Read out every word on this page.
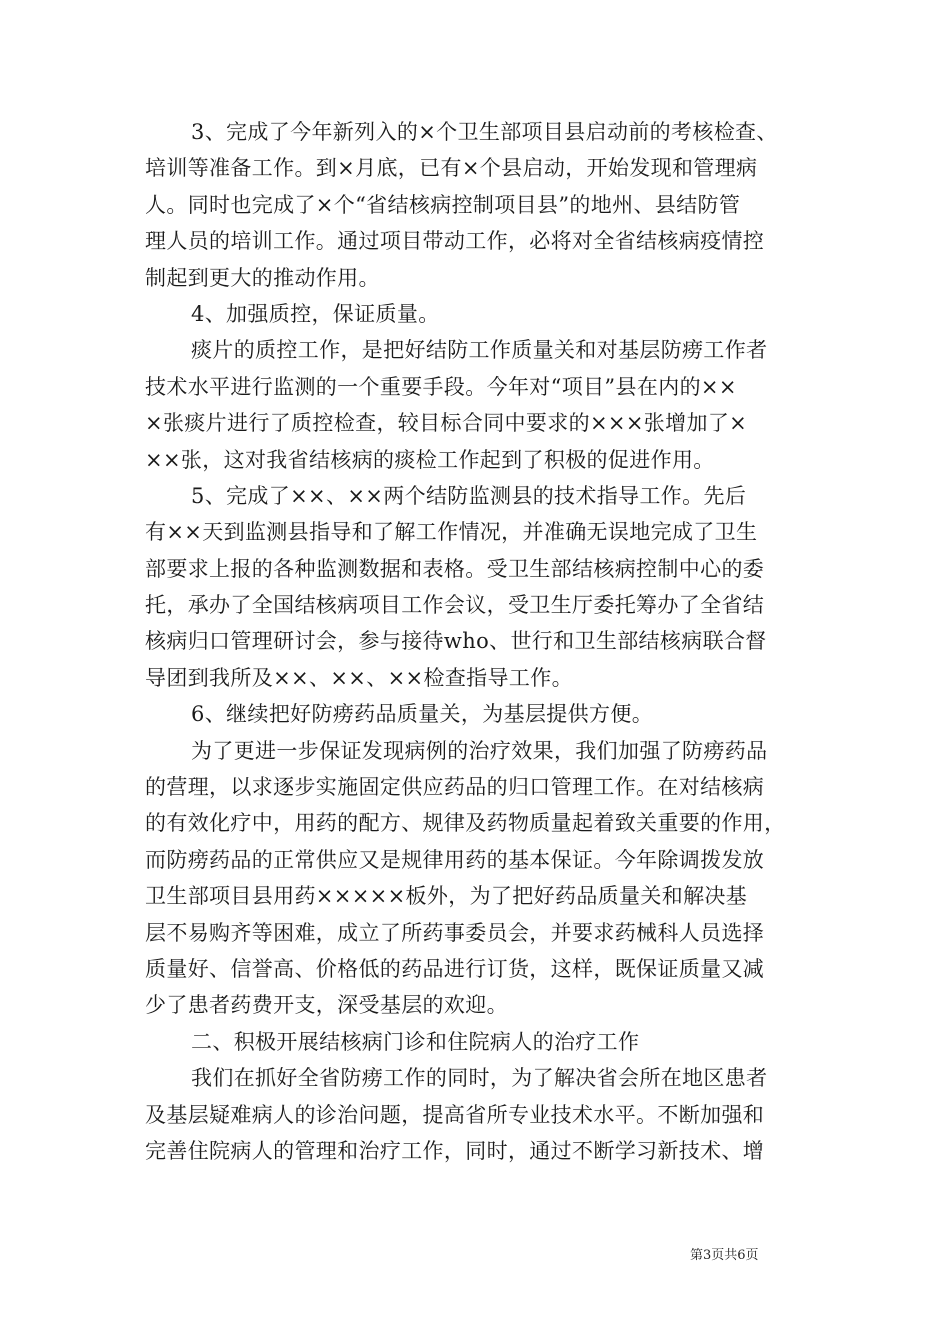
3、完成了今年新列入的×个卫生部项目县启动前的考核检查、
培训等准备工作。到×月底，已有×个县启动，开始发现和管理病
人。同时也完成了×个“省结核病控制项目县”的地州、县结防管
理人员的培训工作。通过项目带动工作，必将对全省结核病疫情控
制起到更大的推动作用。
4、加强质控，保证质量。
痰片的质控工作，是把好结防工作质量关和对基层防痨工作者
技术水平进行监测的一个重要手段。今年对“项目”县在内的××
×张痰片进行了质控检查，较目标合同中要求的×××张增加了×
××张，这对我省结核病的痰检工作起到了积极的促进作用。
5、完成了××、××两个结防监测县的技术指导工作。先后
有××天到监测县指导和了解工作情况，并准确无误地完成了卫生
部要求上报的各种监测数据和表格。受卫生部结核病控制中心的委
托，承办了全国结核病项目工作会议，受卫生厅委托筹办了全省结
核病归口管理研讨会，参与接待who、世行和卫生部结核病联合督
导团到我所及××、××、××检查指导工作。
6、继续把好防痨药品质量关，为基层提供方便。
为了更进一步保证发现病例的治疗效果，我们加强了防痨药品
的营理，以求逐步实施固定供应药品的归口管理工作。在对结核病
的有效化疗中，用药的配方、规律及药物质量起着致关重要的作用，
而防痨药品的正常供应又是规律用药的基本保证。今年除调拨发放
卫生部项目县用药×××××板外，为了把好药品质量关和解决基
层不易购齐等困难，成立了所药事委员会，并要求药械科人员选择
质量好、信誉高、价格低的药品进行订货，这样，既保证质量又减
少了患者药费开支，深受基层的欢迎。
二、积极开展结核病门诊和住院病人的治疗工作
我们在抓好全省防痨工作的同时，为了解决省会所在地区患者
及基层疑难病人的诊治问题，提高省所专业技术水平。不断加强和
完善住院病人的管理和治疗工作，同时，通过不断学习新技术、增
第3页共6页
